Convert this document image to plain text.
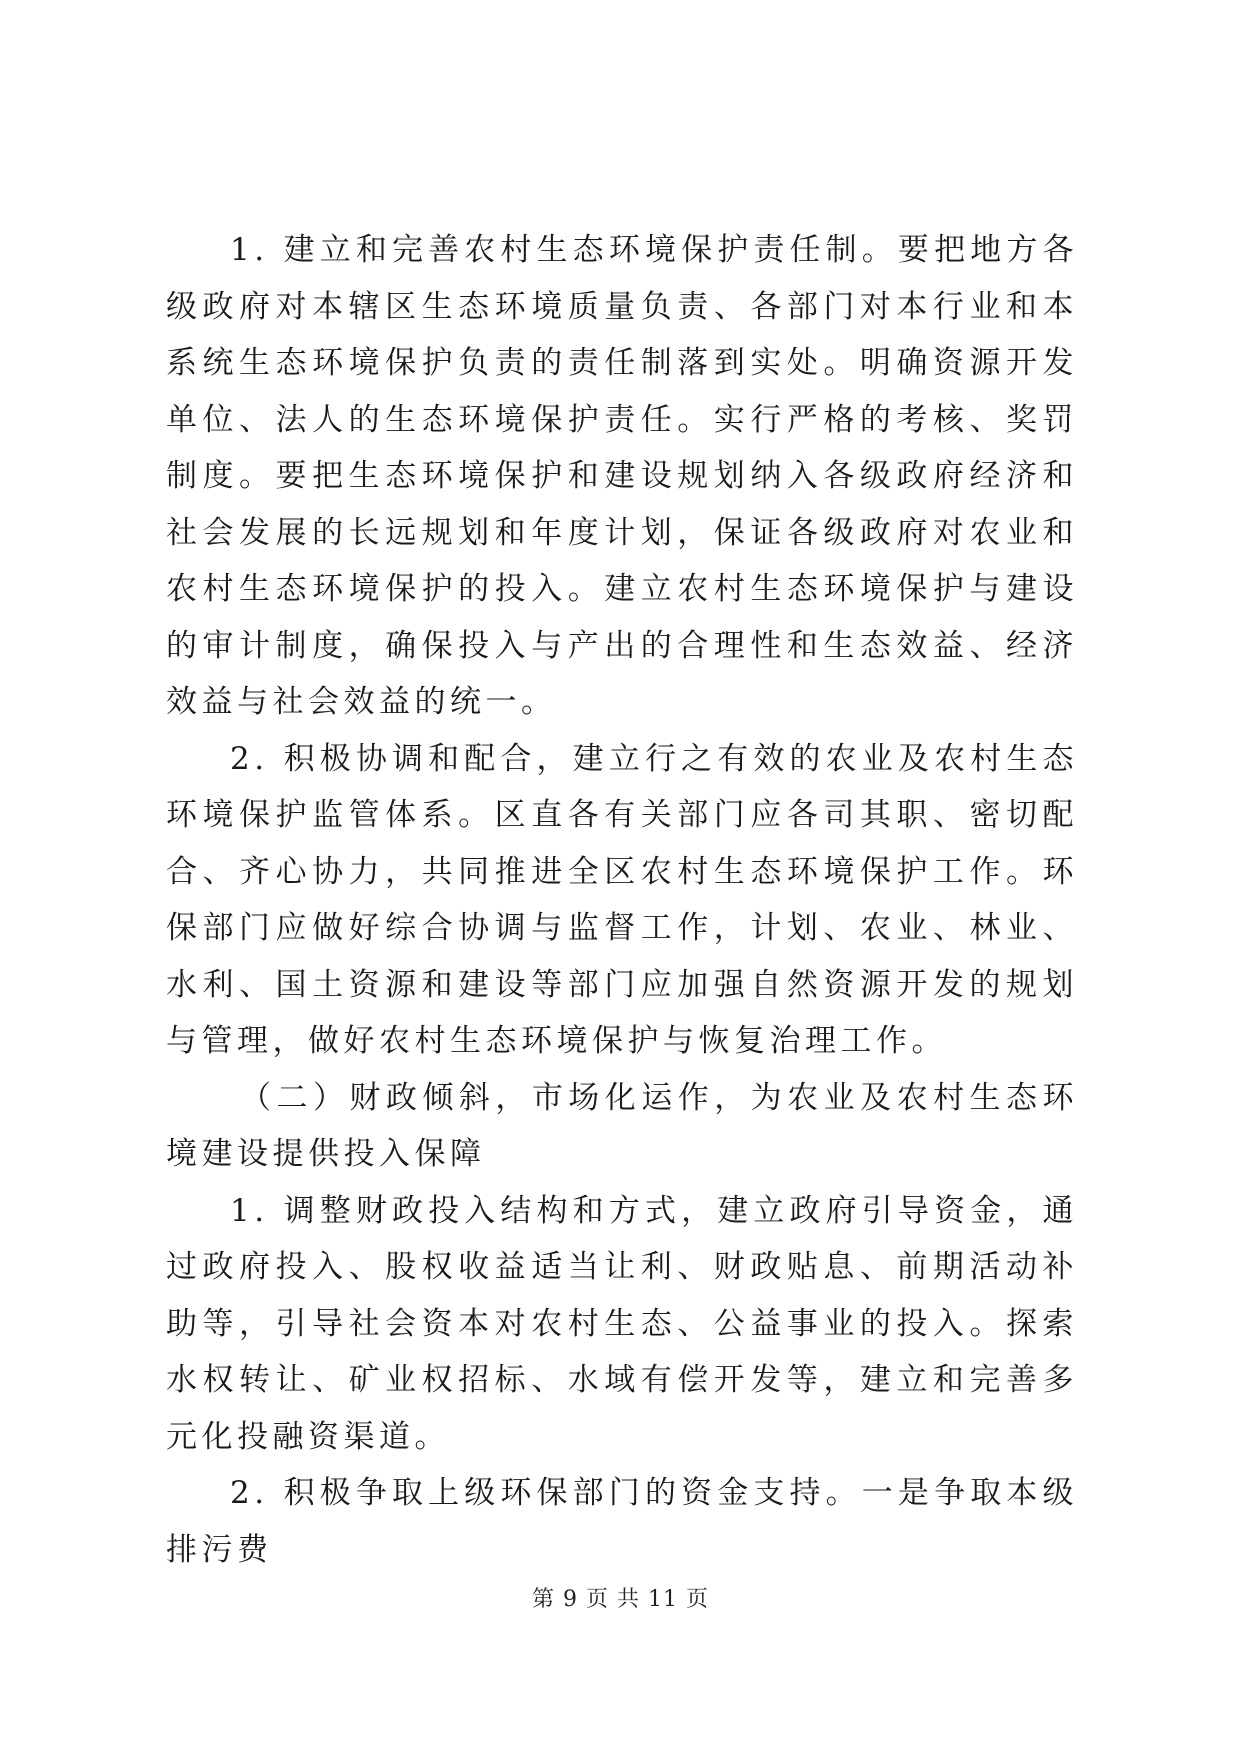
1. 建立和完善农村生态环境保护责任制。要把地方各级政府对本辖区生态环境质量负责、各部门对本行业和本系统生态环境保护负责的责任制落到实处。明确资源开发单位、法人的生态环境保护责任。实行严格的考核、奖罚制度。要把生态环境保护和建设规划纳入各级政府经济和社会发展的长远规划和年度计划，保证各级政府对农业和农村生态环境保护的投入。建立农村生态环境保护与建设的审计制度，确保投入与产出的合理性和生态效益、经济效益与社会效益的统一。

2. 积极协调和配合，建立行之有效的农业及农村生态环境保护监管体系。区直各有关部门应各司其职、密切配合、齐心协力，共同推进全区农村生态环境保护工作。环保部门应做好综合协调与监督工作，计划、农业、林业、水利、国土资源和建设等部门应加强自然资源开发的规划与管理，做好农村生态环境保护与恢复治理工作。

（二）财政倾斜，市场化运作，为农业及农村生态环境建设提供投入保障

1. 调整财政投入结构和方式，建立政府引导资金，通过政府投入、股权收益适当让利、财政贴息、前期活动补助等，引导社会资本对农村生态、公益事业的投入。探索水权转让、矿业权招标、水域有偿开发等，建立和完善多元化投融资渠道。

2. 积极争取上级环保部门的资金支持。一是争取本级排污费

第 9 页 共 11 页
